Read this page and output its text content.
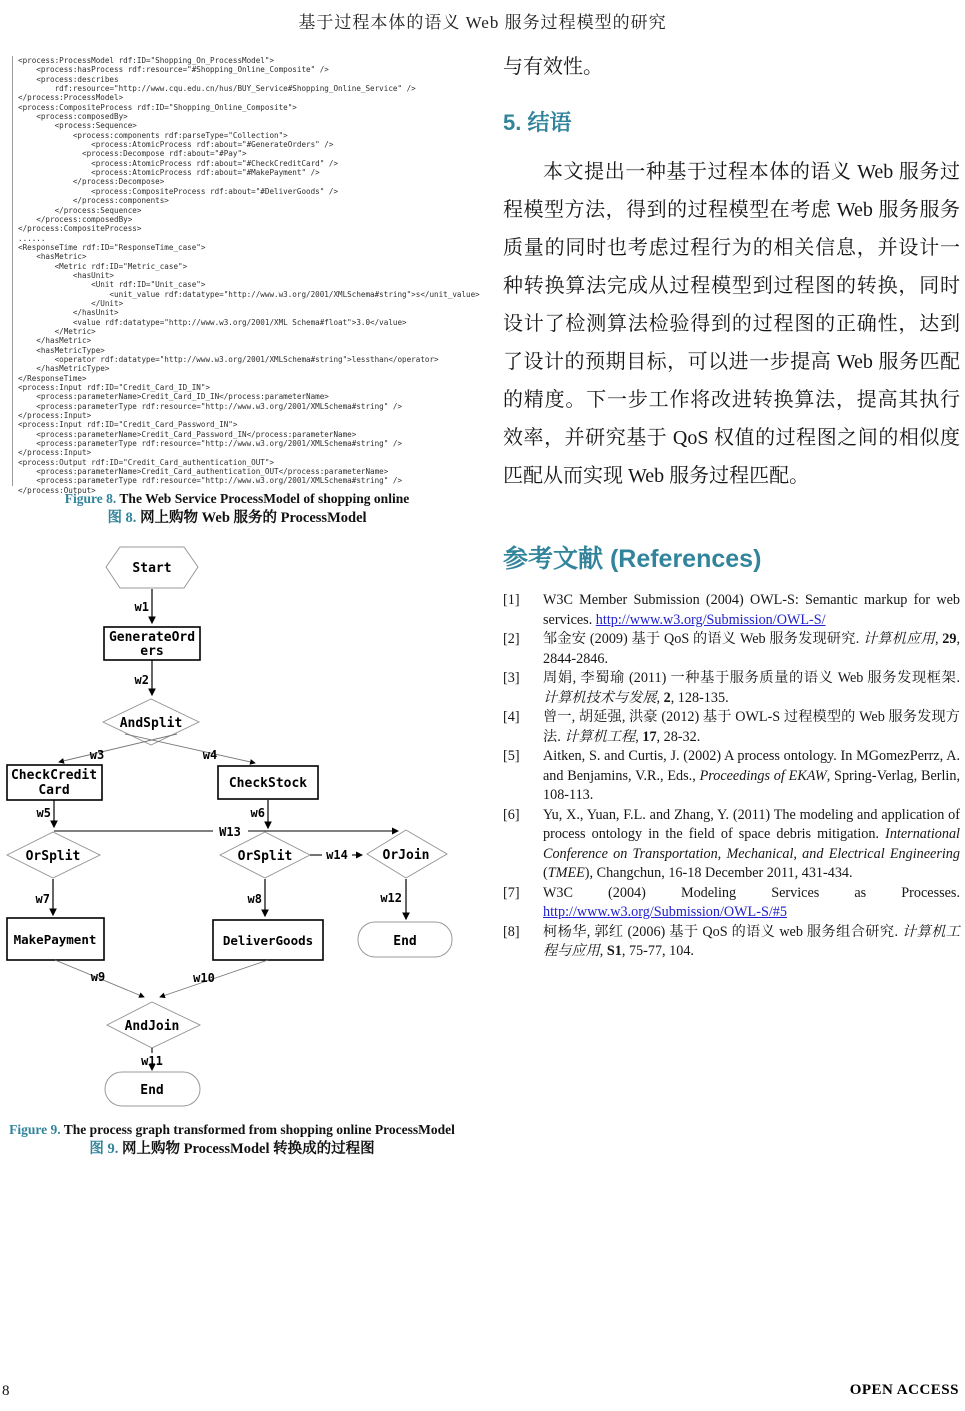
基于过程本体的语义 Web 服务过程模型的研究
<process:ProcessModel rdf:ID="Shopping_On_ProcessModel">
<process:hasProcess rdf:resource="#Shopping_Online_Composite" />
<process:describes
rdf:resource="http://www.cqu.edu.cn/hus/BUY_Service#Shopping_Online_Service" />
</process:ProcessModel>
<process:CompositeProcess rdf:ID="Shopping_Online_Composite">
<process:composedBy>
<process:Sequence>
<process:components rdf:parseType="Collection">
<process:AtomicProcess rdf:about="#GenerateOrders" />
<process:Decompose rdf:about="#Pay">
<process:AtomicProcess rdf:about="#CheckCreditCard" />
<process:AtomicProcess rdf:about="#MakePayment" />
</process:Decompose>
<process:CompositeProcess rdf:about="#DeliverGoods" />
</process:components>
</process:Sequence>
</process:composedBy>
</process:CompositeProcess>
......
<ResponseTime rdf:ID="ResponseTime_case">
<hasMetric>
<Metric rdf:ID="Metric_case">
<hasUnit>
<Unit rdf:ID="Unit_case">
<unit_value rdf:datatype="http://www.w3.org/2001/XMLSchema#string">s</unit_value>
</Unit>
</hasUnit>
<value rdf:datatype="http://www.w3.org/2001/XML Schema#float">3.0</value>
</Metric>
</hasMetric>
<hasMetricType>
<operator rdf:datatype="http://www.w3.org/2001/XMLSchema#string">lessthan</operator>
</hasMetricType>
</ResponseTime>
<process:Input rdf:ID="Credit_Card_ID_IN">
<process:parameterName>Credit_Card_ID_IN</process:parameterName>
<process:parameterType rdf:resource="http://www.w3.org/2001/XMLSchema#string" />
</process:Input>
<process:Input rdf:ID="Credit_Card_Password_IN">
<process:parameterName>Credit_Card_Password_IN</process:parameterName>
<process:parameterType rdf:resource="http://www.w3.org/2001/XMLSchema#string" />
</process:Input>
<process:Output rdf:ID="Credit_Card_authentication_OUT">
<process:parameterName>Credit_Card_authentication_OUT</process:parameterName>
<process:parameterType rdf:resource="http://www.w3.org/2001/XMLSchema#string" />
</process:Output>
Figure 8. The Web Service ProcessModel of shopping online
图 8. 网上购物 Web 服务的 ProcessModel
Start
w1
GenerateOrd
ers
w2
AndSplit
w3	w4
CheckCredit
Card	CheckStock
w5	w6
W13
OrSplit	OrSplit	OrJoin
w14
w7	w8	w12
MakePayment	DeliverGoods	End
w9	w10
AndJoin
w11
End
Figure 9. The process graph transformed from shopping online ProcessModel
图 9. 网上购物 ProcessModel 转换成的过程图
与有效性。
5. 结语

本文提出一种基于过程本体的语义 Web 服务过程模型方法，得到的过程模型在考虑 Web 服务服务质量的同时也考虑过程行为的相关信息，并设计一种转换算法完成从过程模型到过程图的转换，同时设计了检测算法检验得到的过程图的正确性，达到了设计的预期目标，可以进一步提高 Web 服务匹配的精度。下一步工作将改进转换算法，提高其执行效率，并研究基于 QoS 权值的过程图之间的相似度匹配从而实现 Web 服务过程匹配。

参考文献 (References)
[1] W3C Member Submission (2004) OWL-S: Semantic markup for web services. http://www.w3.org/Submission/OWL-S/
[2] 邹金安 (2009) 基于 QoS 的语义 Web 服务发现研究. 计算机应用, 29, 2844-2846.
[3] 周娟, 李蜀瑜 (2011) 一种基于服务质量的语义 Web 服务发现框架. 计算机技术与发展, 2, 128-135.
[4] 曾一, 胡延强, 洪豪 (2012) 基于 OWL-S 过程模型的 Web 服务发现方法. 计算机工程, 17, 28-32.
[5] Aitken, S. and Curtis, J. (2002) A process ontology. In MGomezPerrz, A. and Benjamins, V.R., Eds., Proceedings of EKAW, Spring-Verlag, Berlin, 108-113.
[6] Yu, X., Yuan, F.L. and Zhang, Y. (2011) The modeling and application of process ontology in the field of space debris mitigation. International Conference on Transportation, Mechanical, and Electrical Engineering (TMEE), Changchun, 16-18 December 2011, 431-434.
[7] W3C (2004) Modeling Services as Processes. http://www.w3.org/Submission/OWL-S/#5
[8] 柯杨华, 郭红 (2006) 基于 QoS 的语义 web 服务组合研究. 计算机工程与应用, S1, 75-77, 104.
8	OPEN ACCESS
